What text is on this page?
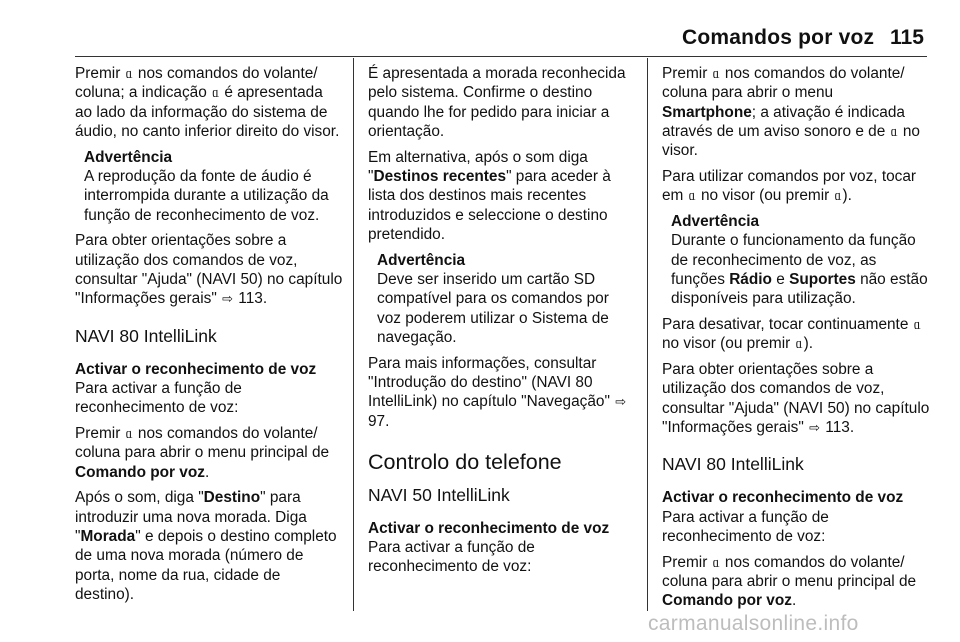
Comandos por voz 115

Premir ᥲ nos comandos do volante/ coluna; a indicação ᥲ é apresentada ao lado da informação do sistema de áudio, no canto inferior direito do visor.

Advertência
A reprodução da fonte de áudio é interrompida durante a utilização da função de reconhecimento de voz.

Para obter orientações sobre a utilização dos comandos de voz, consultar "Ajuda" (NAVI 50) no capítulo "Informações gerais" ⇨ 113.

NAVI 80 IntelliLink
Activar o reconhecimento de voz

Para activar a função de reconhecimento de voz:

Premir ᥲ nos comandos do volante/ coluna para abrir o menu principal de Comando por voz.

Após o som, diga "Destino" para introduzir uma nova morada. Diga "Morada" e depois o destino completo de uma nova morada (número de porta, nome da rua, cidade de destino).

É apresentada a morada reconhecida pelo sistema. Confirme o destino quando lhe for pedido para iniciar a orientação.

Em alternativa, após o som diga "Destinos recentes" para aceder à lista dos destinos mais recentes introduzidos e seleccione o destino pretendido.

Advertência
Deve ser inserido um cartão SD compatível para os comandos por voz poderem utilizar o Sistema de navegação.

Para mais informações, consultar "Introdução do destino" (NAVI 80 IntelliLink) no capítulo "Navegação" ⇨ 97.

Controlo do telefone
NAVI 50 IntelliLink
Activar o reconhecimento de voz

Para activar a função de reconhecimento de voz:

Premir ᥲ nos comandos do volante/ coluna para abrir o menu Smartphone; a ativação é indicada através de um aviso sonoro e de ᥲ no visor.

Para utilizar comandos por voz, tocar em ᥲ no visor (ou premir ᥲ).

Advertência
Durante o funcionamento da função de reconhecimento de voz, as funções Rádio e Suportes não estão disponíveis para utilização.

Para desativar, tocar continuamente ᥲ no visor (ou premir ᥲ).

Para obter orientações sobre a utilização dos comandos de voz, consultar "Ajuda" (NAVI 50) no capítulo "Informações gerais" ⇨ 113.

NAVI 80 IntelliLink
Activar o reconhecimento de voz

Para activar a função de reconhecimento de voz:

Premir ᥲ nos comandos do volante/ coluna para abrir o menu principal de Comando por voz.

carmanualsonline.info
